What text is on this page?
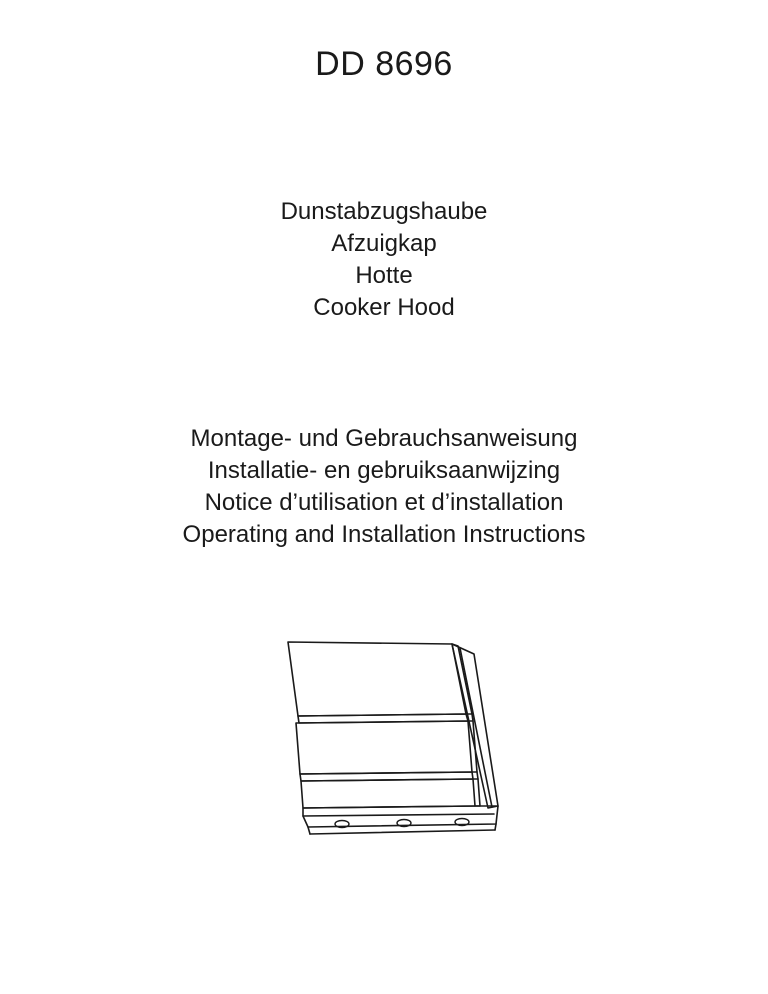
DD 8696
Dunstabzugshaube
Afzuigkap
Hotte
Cooker Hood
Montage- und Gebrauchsanweisung
Installatie- en gebruiksaanwijzing
Notice d’utilisation et d’installation
Operating and Installation Instructions
